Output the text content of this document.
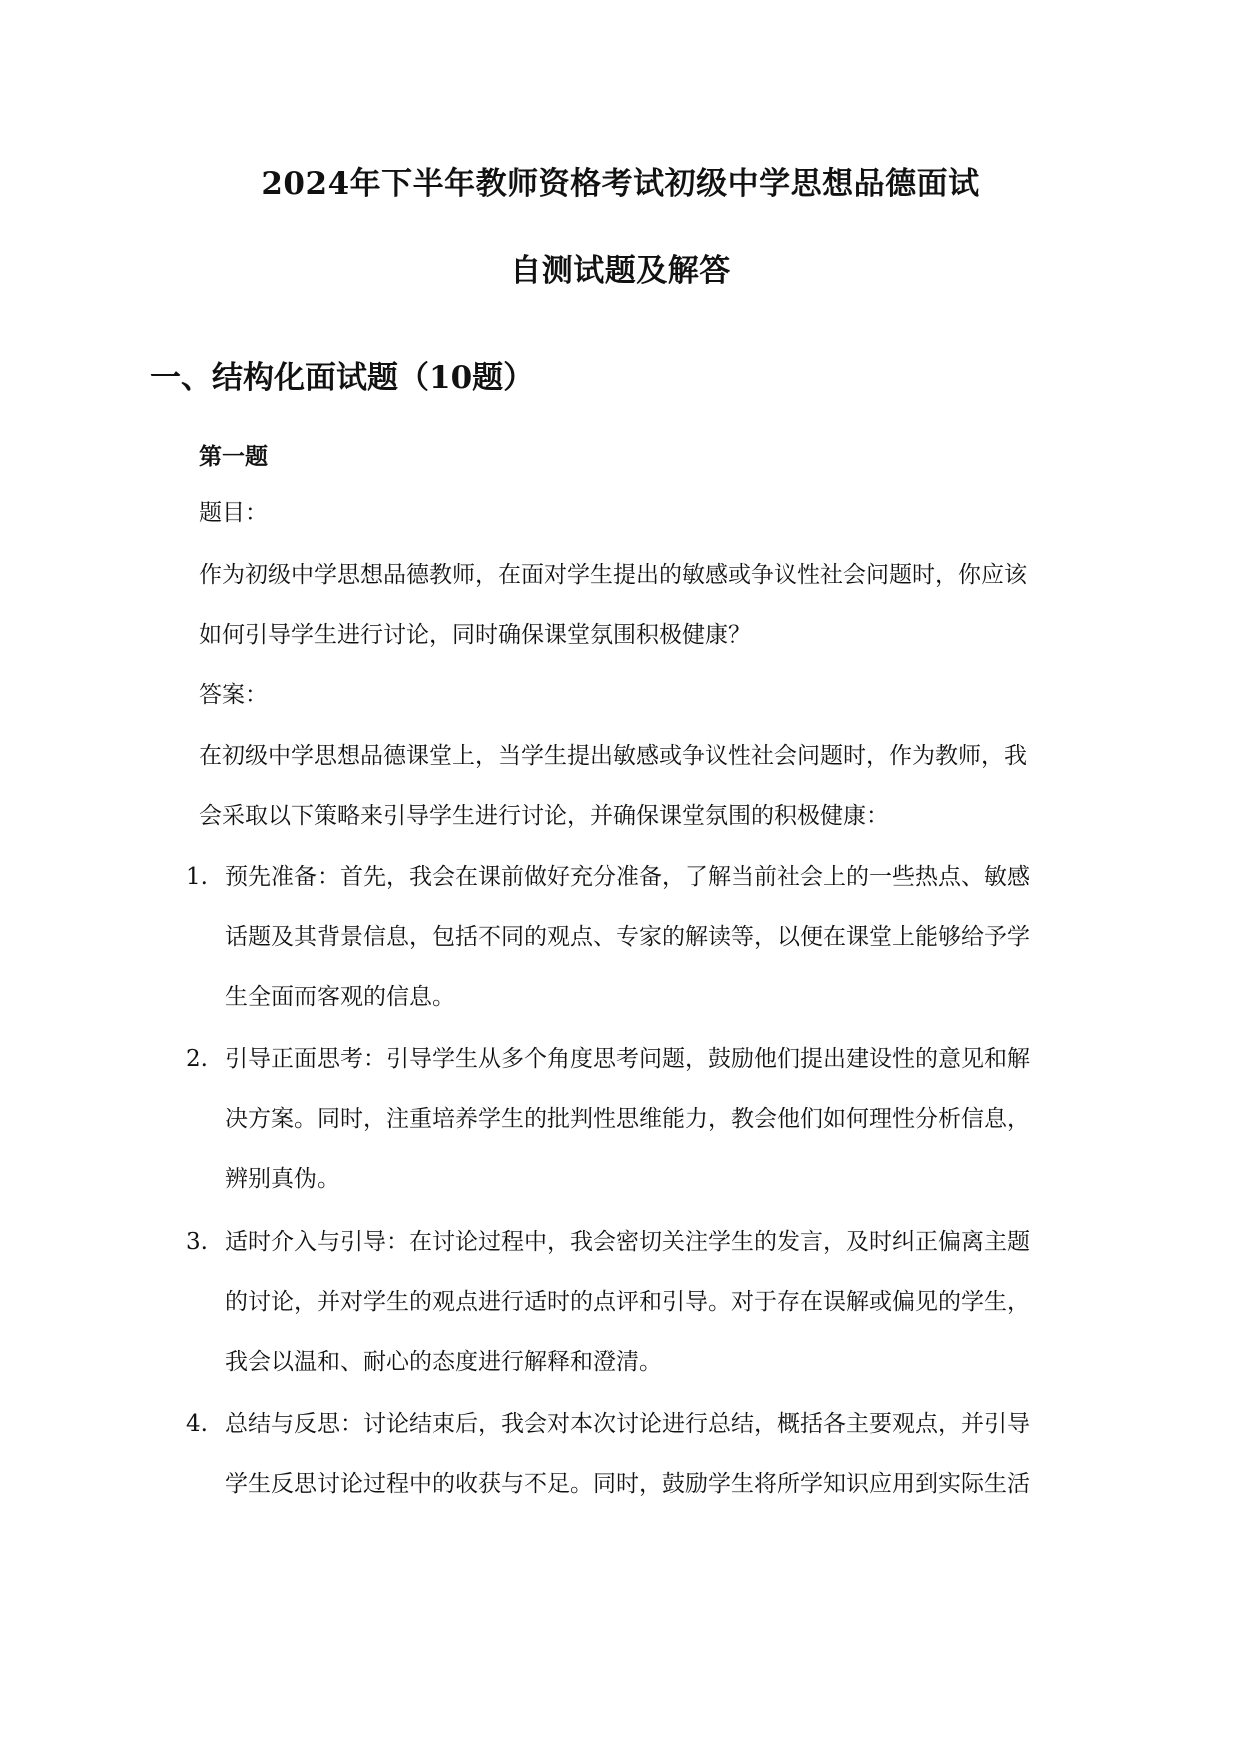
2024年下半年教师资格考试初级中学思想品德面试
自测试题及解答
一、结构化面试题（10题）
第一题
题目：
作为初级中学思想品德教师，在面对学生提出的敏感或争议性社会问题时，你应该
如何引导学生进行讨论，同时确保课堂氛围积极健康？
答案：
在初级中学思想品德课堂上，当学生提出敏感或争议性社会问题时，作为教师，我
会采取以下策略来引导学生进行讨论，并确保课堂氛围的积极健康：
1. 预先准备：首先，我会在课前做好充分准备，了解当前社会上的一些热点、敏感
话题及其背景信息，包括不同的观点、专家的解读等，以便在课堂上能够给予学
生全面而客观的信息。
2. 引导正面思考：引导学生从多个角度思考问题，鼓励他们提出建设性的意见和解
决方案。同时，注重培养学生的批判性思维能力，教会他们如何理性分析信息，
辨别真伪。
3. 适时介入与引导：在讨论过程中，我会密切关注学生的发言，及时纠正偏离主题
的讨论，并对学生的观点进行适时的点评和引导。对于存在误解或偏见的学生，
我会以温和、耐心的态度进行解释和澄清。
4. 总结与反思：讨论结束后，我会对本次讨论进行总结，概括各主要观点，并引导
学生反思讨论过程中的收获与不足。同时，鼓励学生将所学知识应用到实际生活
